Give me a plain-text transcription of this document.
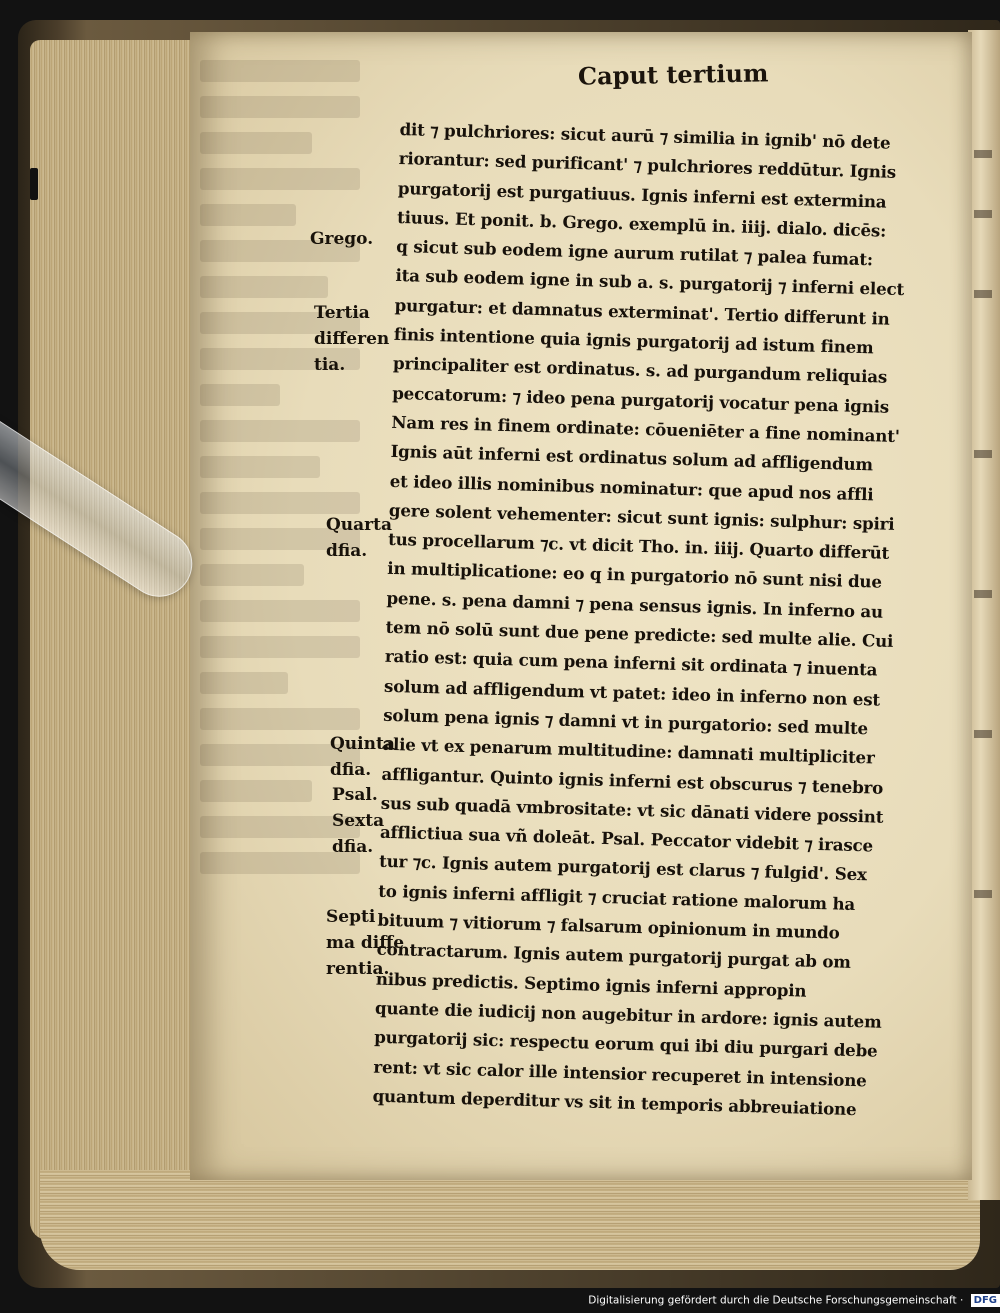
Caput tertium
dit ⁊ pulchriores: sicut aurū ⁊ similia in ignib' nō dete
riorantur: sed purificant' ⁊ pulchriores reddūtur. Ignis
purgatorij est purgatiuus. Ignis inferni est extermina
tiuus. Et ponit. b. Grego. exemplū in. iiij. dialo. dicēs:
q sicut sub eodem igne aurum rutilat ⁊ palea fumat:
ita sub eodem igne in sub a. s. purgatorij ⁊ inferni elect
purgatur: et damnatus exterminat'. Tertio differunt in
finis intentione quia ignis purgatorij ad istum finem
principaliter est ordinatus. s. ad purgandum reliquias
peccatorum: ⁊ ideo pena purgatorij vocatur pena ignis
Nam res in finem ordinate: cōueniēter a fine nominant'
Ignis aūt inferni est ordinatus solum ad affligendum
et ideo illis nominibus nominatur: que apud nos affli
gere solent vehementer: sicut sunt ignis: sulphur: spiri
tus procellarum ⁊c. vt dicit Tho. in. iiij. Quarto differūt
in multiplicatione: eo q in purgatorio nō sunt nisi due
pene. s. pena damni ⁊ pena sensus ignis. In inferno au
tem nō solū sunt due pene predicte: sed multe alie. Cui
ratio est: quia cum pena inferni sit ordinata ⁊ inuenta
solum ad affligendum vt patet: ideo in inferno non est
solum pena ignis ⁊ damni vt in purgatorio: sed multe
alie vt ex penarum multitudine: damnati multipliciter
affligantur. Quinto ignis inferni est obscurus ⁊ tenebro
sus sub quadā vmbrositate: vt sic dānati videre possint
afflictiua sua vñ doleāt. Psal. Peccator videbit ⁊ irasce
tur ⁊c. Ignis autem purgatorij est clarus ⁊ fulgid'. Sex
to ignis inferni affligit ⁊ cruciat ratione malorum ha
bituum ⁊ vitiorum ⁊ falsarum opinionum in mundo
contractarum. Ignis autem purgatorij purgat ab om
nibus predictis. Septimo ignis inferni appropin
quante die iudicij non augebitur in ardore: ignis autem
purgatorij sic: respectu eorum qui ibi diu purgari debe
rent: vt sic calor ille intensior recuperet in intensione
quantum deperditur vs sit in temporis abbreuiatione
Grego.
Tertia
differen
tia.
Quarta
dfia.
Quinta
dfia.
Psal.
Sexta
dfia.
Septi
ma diffe
rentia.
Digitalisierung gefördert durch die Deutsche Forschungsgemeinschaft · DFG
